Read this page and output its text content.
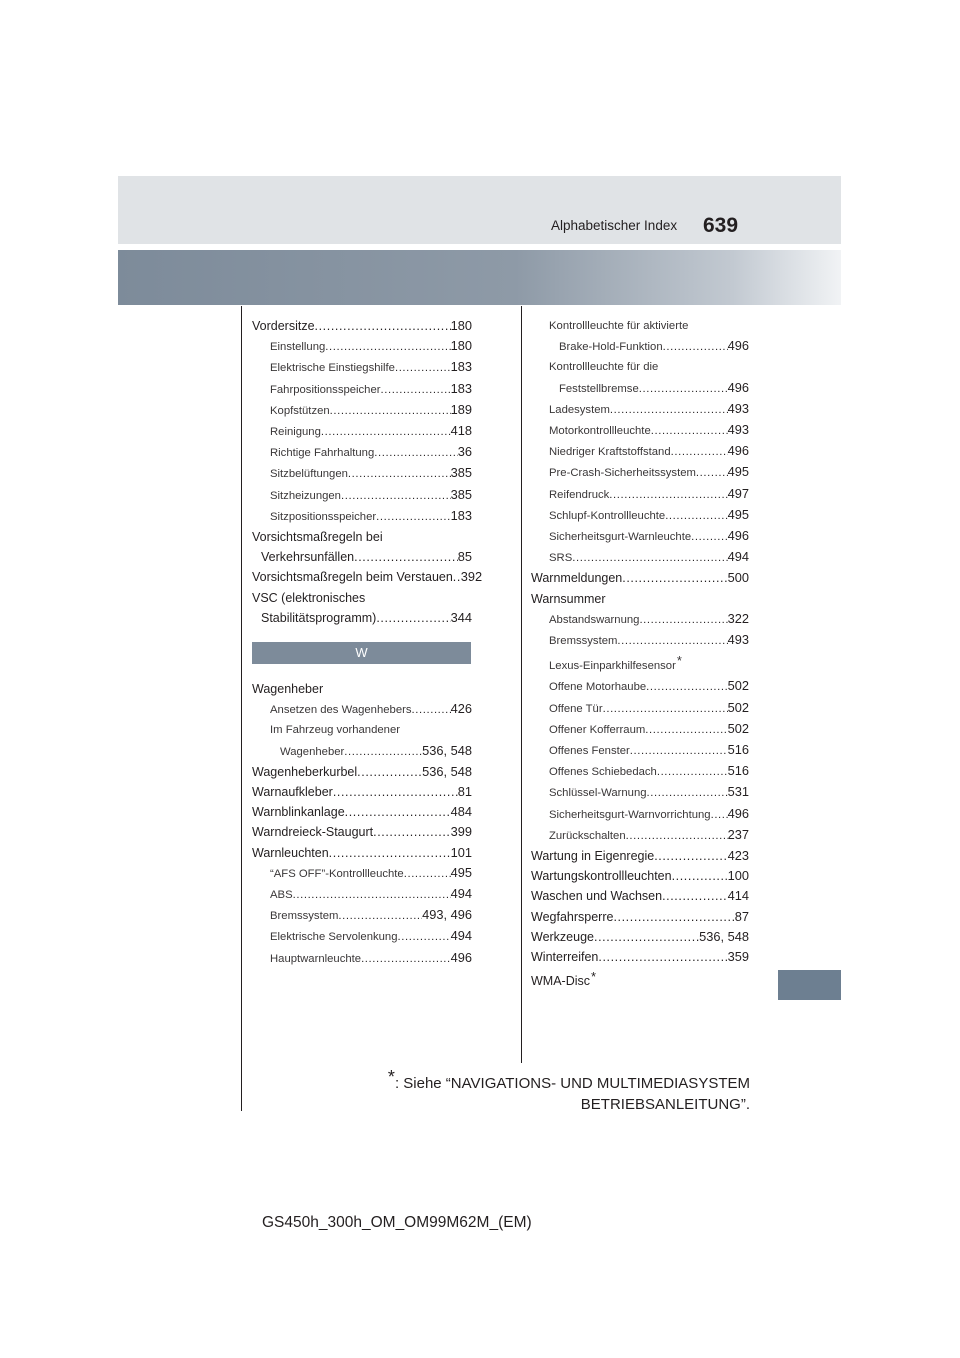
Alphabetischer Index 639
Vordersitze .....	180
Einstellung .....	180
Elektrische Einstiegshilfe .....	183
Fahrpositionsspeicher .....	183
Kopfstützen .....	189
Reinigung .....	418
Richtige Fahrhaltung .....	36
Sitzbelüftungen .....	385
Sitzheizungen .....	385
Sitzpositionsspeicher .....	183
Vorsichtsmaßregeln bei
Verkehrsunfällen .....	85
Vorsichtsmaßregeln beim Verstauen ..... 392
VSC (elektronisches
Stabilitätsprogramm) .....	344
W
Wagenheber
Ansetzen des Wagenhebers .....	426
Im Fahrzeug vorhandener
Wagenheber .....	536, 548
Wagenheberkurbel .....	536, 548
Warnaufkleber .....	81
Warnblinkanlage .....	484
Warndreieck-Staugurt .....	399
Warnleuchten .....	101
“AFS OFF”-Kontrollleuchte .....	495
ABS .....	494
Bremssystem .....	493, 496
Elektrische Servolenkung .....	494
Hauptwarnleuchte .....	496
Kontrollleuchte für aktivierte
Brake-Hold-Funktion .....	496
Kontrollleuchte für die
Feststellbremse .....	496
Ladesystem .....	493
Motorkontrollleuchte .....	493
Niedriger Kraftstoffstand .....	496
Pre-Crash-Sicherheitssystem ..... 495
Reifendruck .....	497
Schlupf-Kontrollleuchte .....	495
Sicherheitsgurt-Warnleuchte .....	496
SRS .....	494
Warnmeldungen .....	500
Warnsummer
Abstandswarnung .....	322
Bremssystem .....	493
Lexus-Einparkhilfesensor*
Offene Motorhaube .....	502
Offene Tür .....	502
Offener Kofferraum .....	502
Offenes Fenster .....	516
Offenes Schiebedach .....	516
Schlüssel-Warnung .....	531
Sicherheitsgurt-Warnvorrichtung ..... 496
Zurückschalten .....	237
Wartung in Eigenregie .....	423
Wartungskontrollleuchten .....	100
Waschen und Wachsen .....	414
Wegfahrsperre .....	87
Werkzeuge .....	536, 548
Winterreifen .....	359
WMA-Disc*
*: Siehe “NAVIGATIONS- UND MULTIMEDIASYSTEM
BETRIEBSANLEITUNG”.
GS450h_300h_OM_OM99M62M_(EM)
